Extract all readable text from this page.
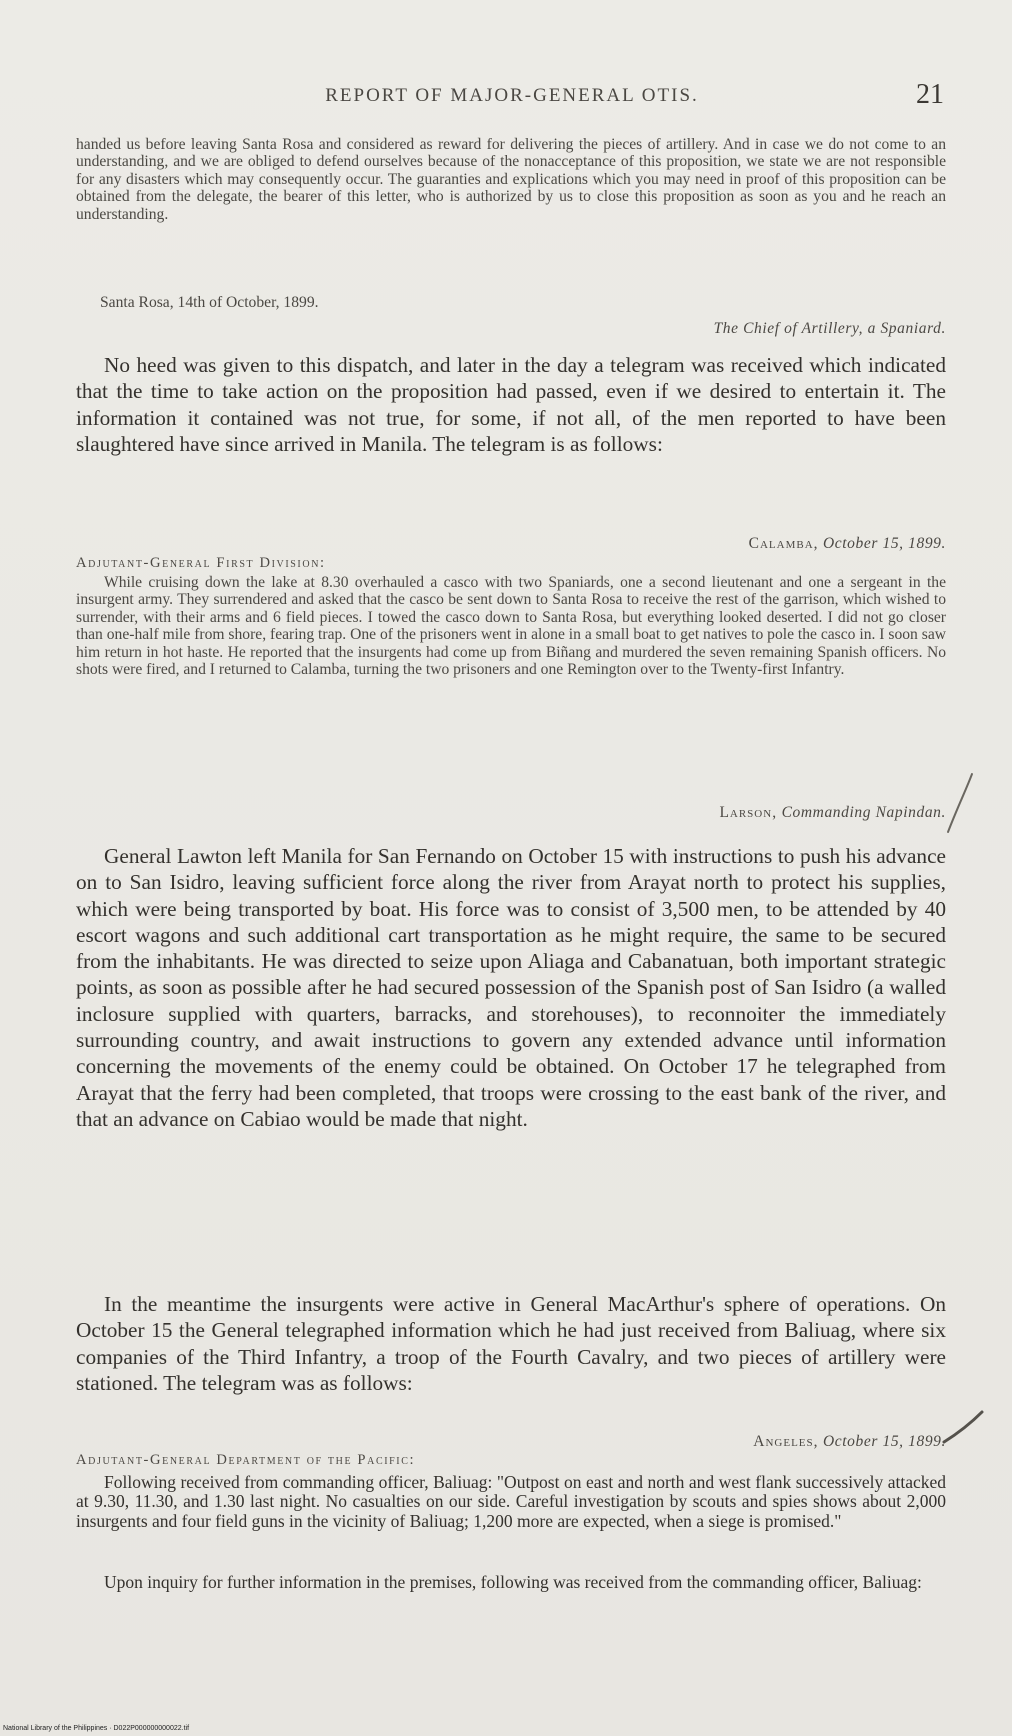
REPORT OF MAJOR-GENERAL OTIS.	21

handed us before leaving Santa Rosa and considered as reward for delivering the pieces of artillery. And in case we do not come to an understanding, and we are obliged to defend ourselves because of the nonacceptance of this proposition, we state we are not responsible for any disasters which may consequently occur. The guaranties and explications which you may need in proof of this proposition can be obtained from the delegate, the bearer of this letter, who is authorized by us to close this proposition as soon as you and he reach an understanding.

Santa Rosa, 14th of October, 1899.

The Chief of Artillery, a Spaniard.

No heed was given to this dispatch, and later in the day a telegram was received which indicated that the time to take action on the proposition had passed, even if we desired to entertain it. The information it contained was not true, for some, if not all, of the men reported to have been slaughtered have since arrived in Manila. The telegram is as follows:

Calamba, October 15, 1899.
Adjutant-General First Division:

While cruising down the lake at 8.30 overhauled a casco with two Spaniards, one a second lieutenant and one a sergeant in the insurgent army. They surrendered and asked that the casco be sent down to Santa Rosa to receive the rest of the garrison, which wished to surrender, with their arms and 6 field pieces. I towed the casco down to Santa Rosa, but everything looked deserted. I did not go closer than one-half mile from shore, fearing trap. One of the prisoners went in alone in a small boat to get natives to pole the casco in. I soon saw him return in hot haste. He reported that the insurgents had come up from Biñang and murdered the seven remaining Spanish officers. No shots were fired, and I returned to Calamba, turning the two prisoners and one Remington over to the Twenty-first Infantry.

Larson, Commanding Napindan.

General Lawton left Manila for San Fernando on October 15 with instructions to push his advance on to San Isidro, leaving sufficient force along the river from Arayat north to protect his supplies, which were being transported by boat. His force was to consist of 3,500 men, to be attended by 40 escort wagons and such additional cart transportation as he might require, the same to be secured from the inhabitants. He was directed to seize upon Aliaga and Cabanatuan, both important strategic points, as soon as possible after he had secured possession of the Spanish post of San Isidro (a walled inclosure supplied with quarters, barracks, and storehouses), to reconnoiter the immediately surrounding country, and await instructions to govern any extended advance until information concerning the movements of the enemy could be obtained. On October 17 he telegraphed from Arayat that the ferry had been completed, that troops were crossing to the east bank of the river, and that an advance on Cabiao would be made that night.

In the meantime the insurgents were active in General MacArthur's sphere of operations. On October 15 the General telegraphed information which he had just received from Baliuag, where six companies of the Third Infantry, a troop of the Fourth Cavalry, and two pieces of artillery were stationed. The telegram was as follows:

Angeles, October 15, 1899.
Adjutant-General Department of the Pacific:

Following received from commanding officer, Baliuag: "Outpost on east and north and west flank successively attacked at 9.30, 11.30, and 1.30 last night. No casualties on our side. Careful investigation by scouts and spies shows about 2,000 insurgents and four field guns in the vicinity of Baliuag; 1,200 more are expected, when a siege is promised."

Upon inquiry for further information in the premises, following was received from the commanding officer, Baliuag:

National Library of the Philippines · D022P000000000022.tif
